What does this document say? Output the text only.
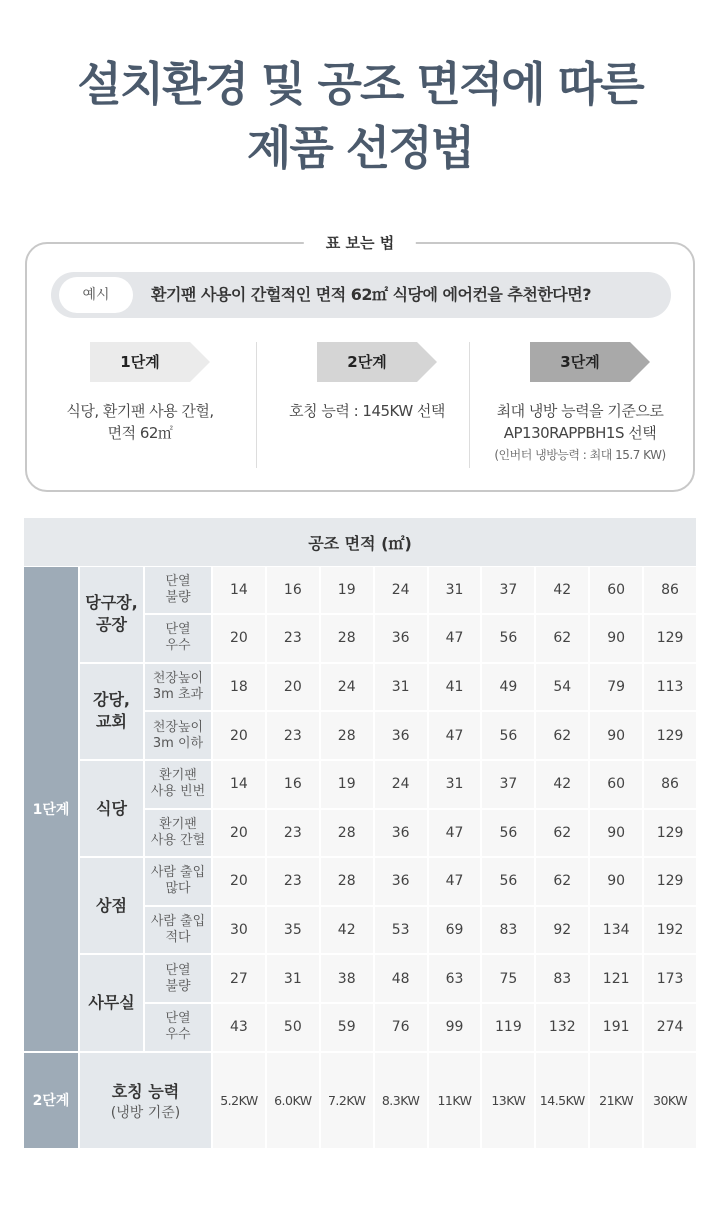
설치환경 및 공조 면적에 따른
제품 선정법
표 보는 법
예시	환기팬 사용이 간헐적인 면적 62㎡ 식당에 에어컨을 추천한다면?
1단계
식당, 환기팬 사용 간헐,
면적 62㎡
2단계
호칭 능력 : 145KW 선택
3단계
최대 냉방 능력을 기준으로
AP130RAPPBH1S 선택
(인버터 냉방능력 : 최대 15.7 KW)
공조 면적 (㎡)
1단계
당구장,
공장
단열
불량	14	16	19	24	31	37	42	60	86
단열
우수	20	23	28	36	47	56	62	90	129
강당,
교회
천장높이
3m 초과	18	20	24	31	41	49	54	79	113
천장높이
3m 이하	20	23	28	36	47	56	62	90	129
식당
환기팬
사용 빈번	14	16	19	24	31	37	42	60	86
환기팬
사용 간헐	20	23	28	36	47	56	62	90	129
상점
사람 출입
많다	20	23	28	36	47	56	62	90	129
사람 출입
적다	30	35	42	53	69	83	92	134	192
사무실
단열
불량	27	31	38	48	63	75	83	121	173
단열
우수	43	50	59	76	99	119	132	191	274
2단계
호칭 능력
(냉방 기준)
5.2KW	6.0KW	7.2KW	8.3KW	11KW	13KW	14.5KW	21KW	30KW
